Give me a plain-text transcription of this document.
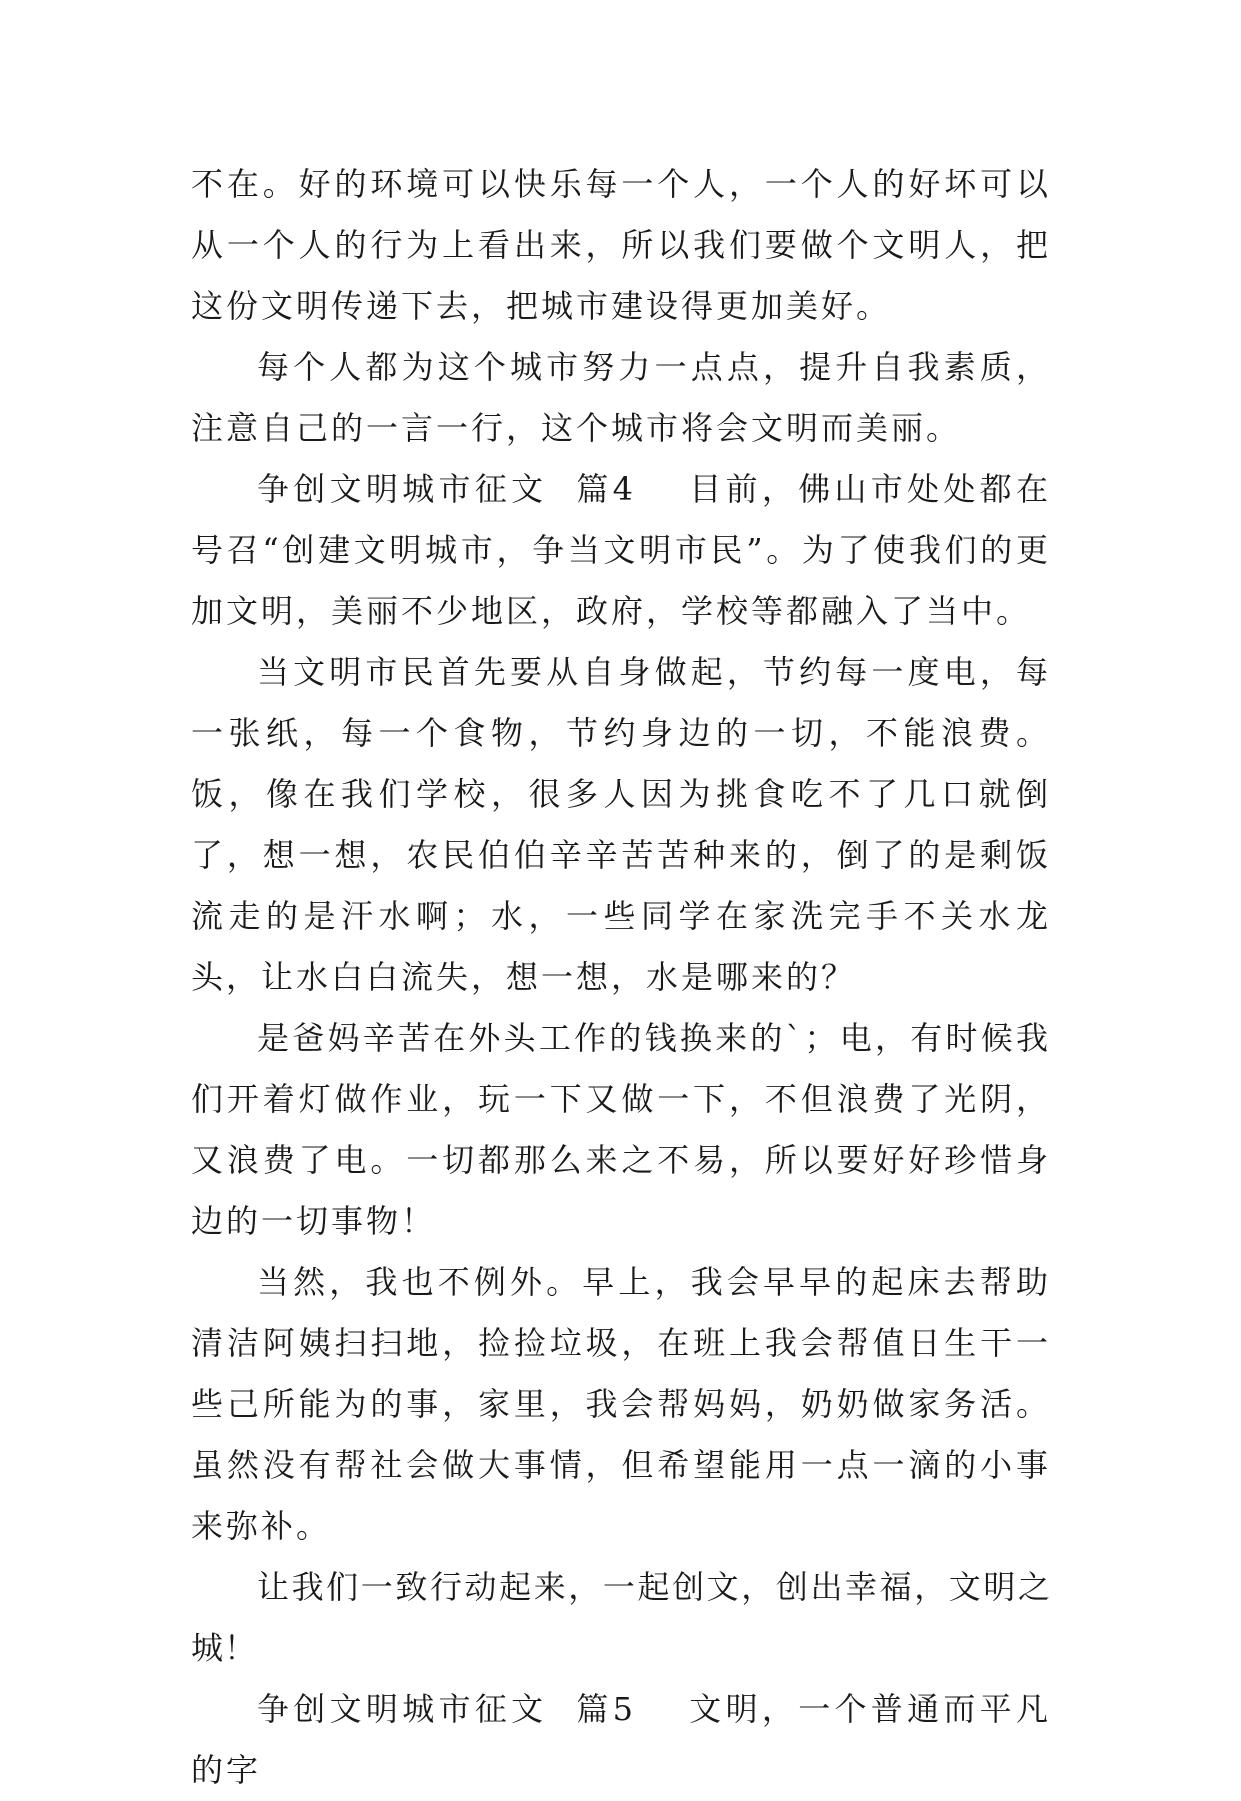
不在。好的环境可以快乐每一个人，一个人的好坏可以从一个人的行为上看出来，所以我们要做个文明人，把这份文明传递下去，把城市建设得更加美好。

每个人都为这个城市努力一点点，提升自我素质，注意自己的一言一行，这个城市将会文明而美丽。

争创文明城市征文  篇4 目前，佛山市处处都在号召“创建文明城市，争当文明市民”。为了使我们的更加文明，美丽不少地区，政府，学校等都融入了当中。

当文明市民首先要从自身做起，节约每一度电，每一张纸，每一个食物，节约身边的一切，不能浪费。饭，像在我们学校，很多人因为挑食吃不了几口就倒了，想一想，农民伯伯辛辛苦苦种来的，倒了的是剩饭流走的是汗水啊；水，一些同学在家洗完手不关水龙头，让水白白流失，想一想，水是哪来的？

是爸妈辛苦在外头工作的钱换来的`；电，有时候我们开着灯做作业，玩一下又做一下，不但浪费了光阴，又浪费了电。一切都那么来之不易，所以要好好珍惜身边的一切事物！

当然，我也不例外。早上，我会早早的起床去帮助清洁阿姨扫扫地，捡捡垃圾，在班上我会帮值日生干一些己所能为的事，家里，我会帮妈妈，奶奶做家务活。虽然没有帮社会做大事情，但希望能用一点一滴的小事来弥补。

让我们一致行动起来，一起创文，创出幸福，文明之城！

争创文明城市征文  篇5 文明，一个普通而平凡的字
